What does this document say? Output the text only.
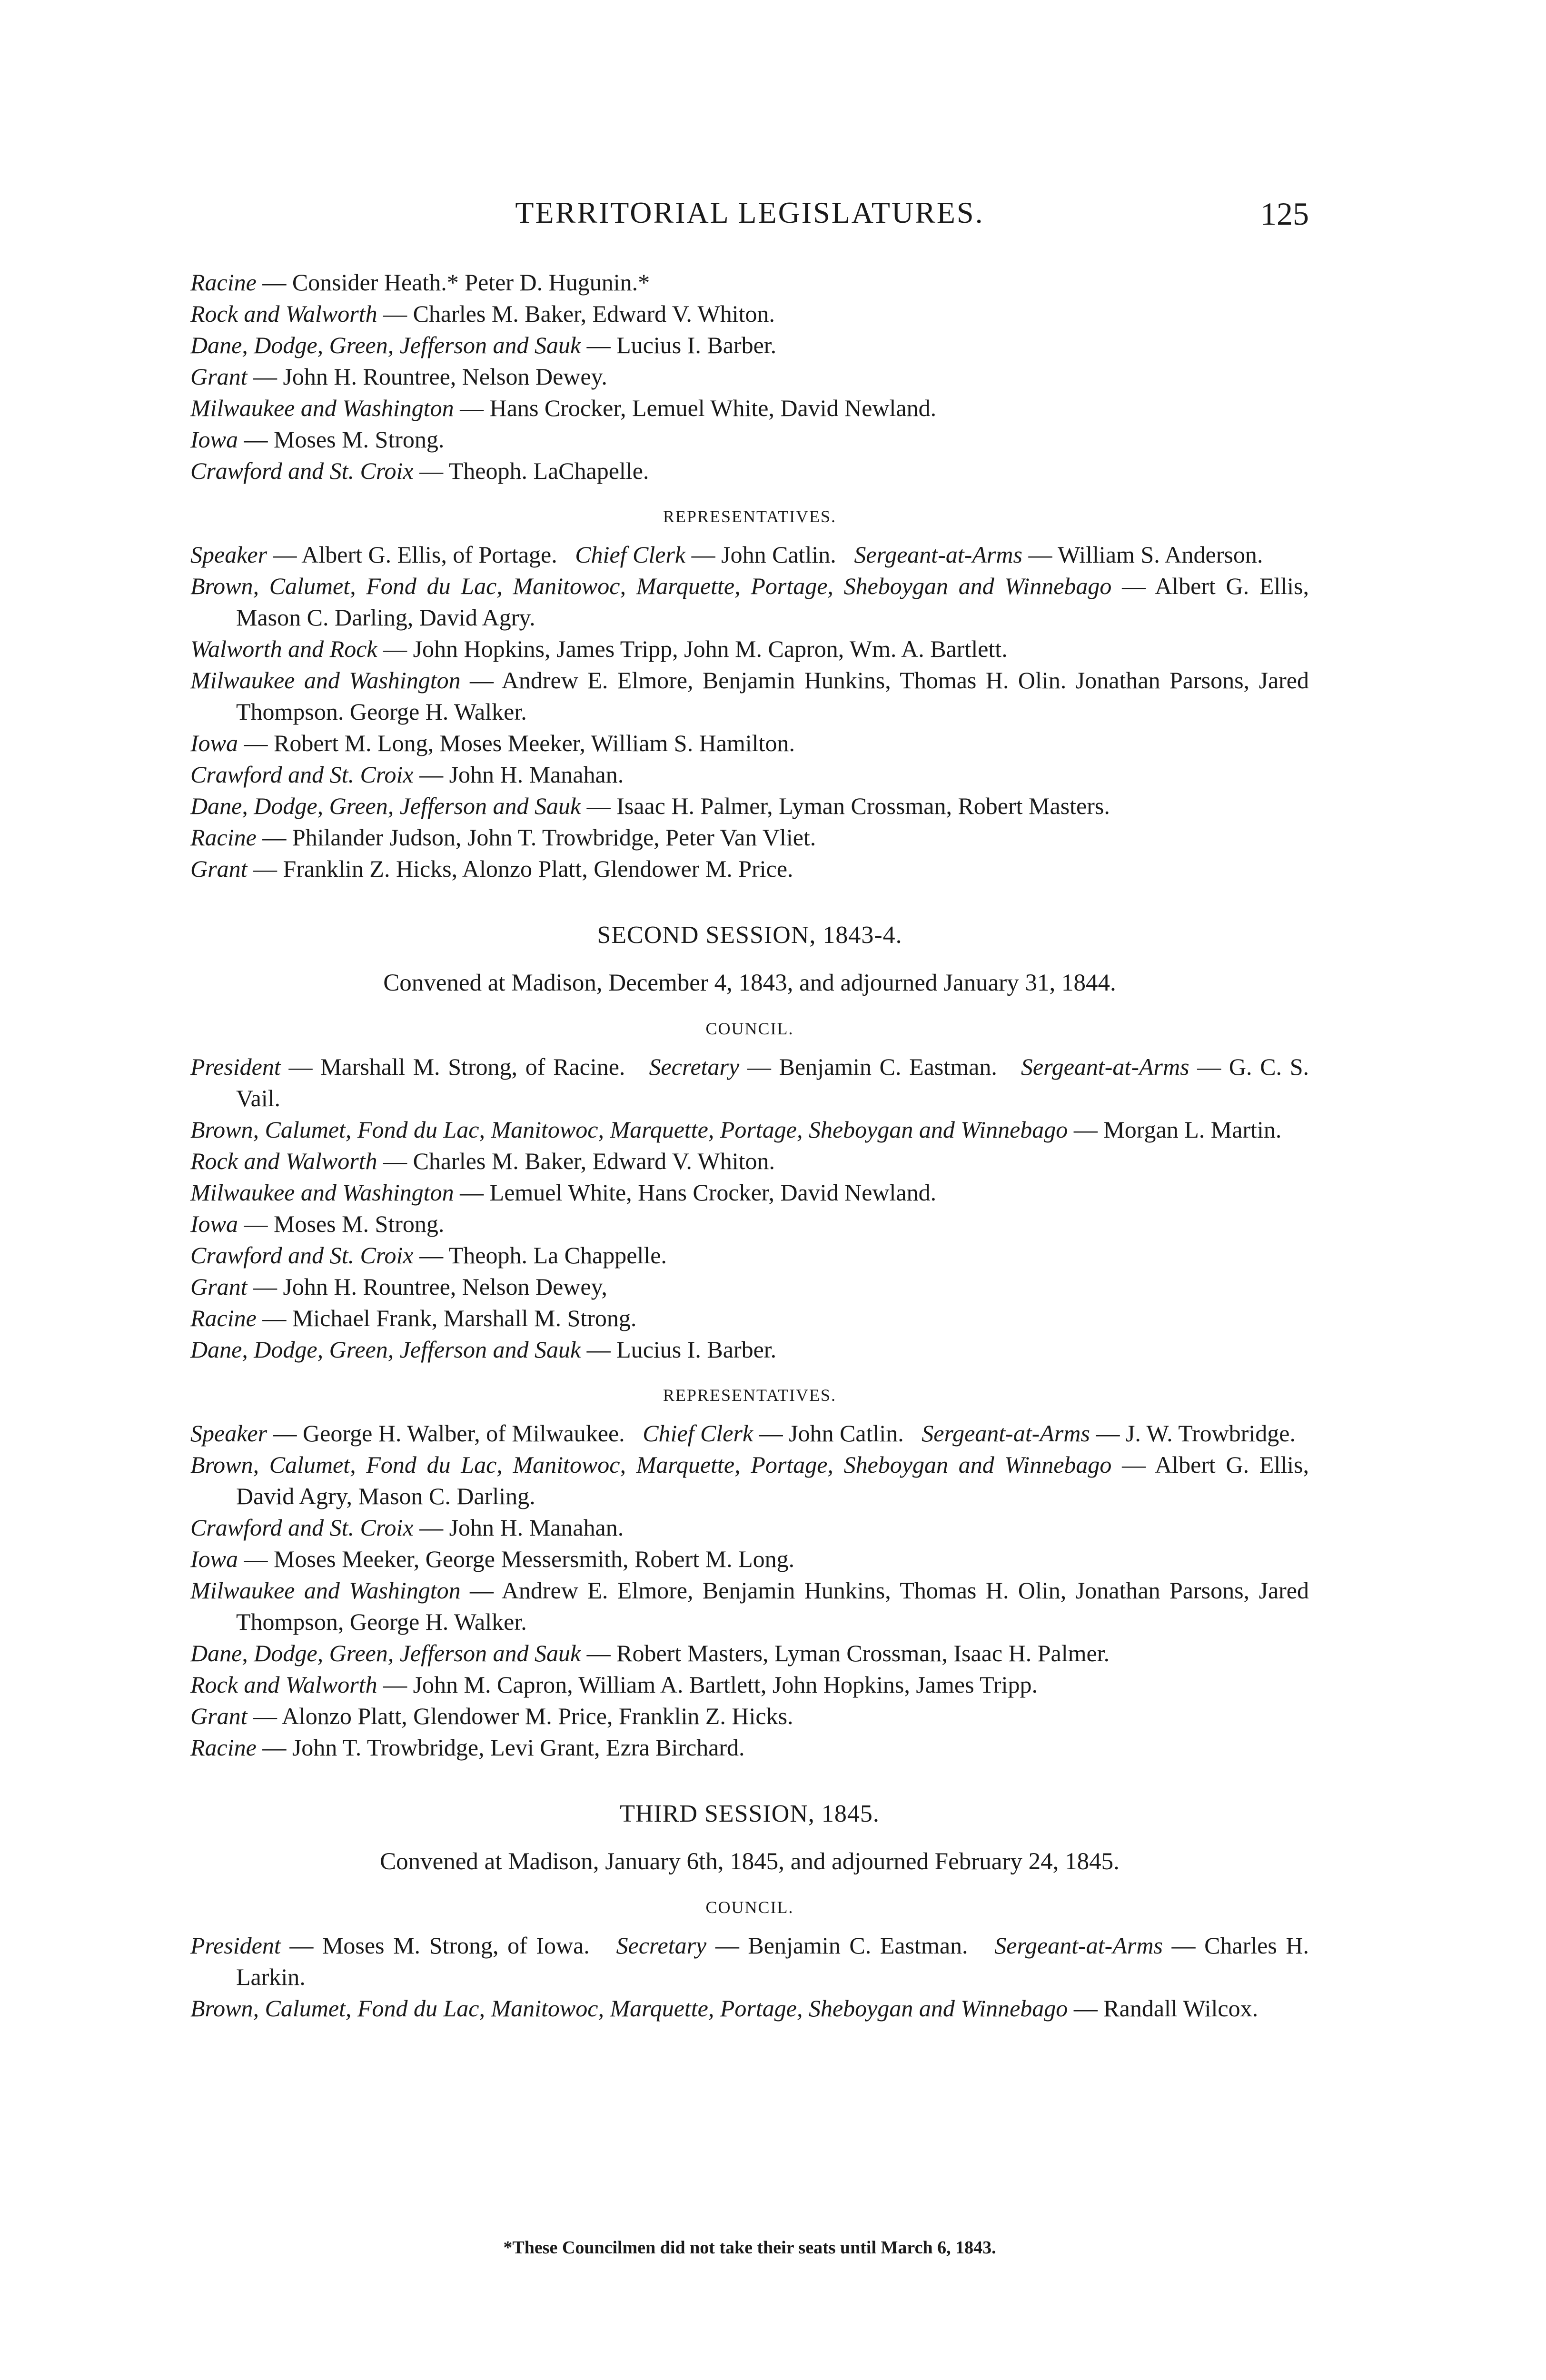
TERRITORIAL LEGISLATURES.	125

Racine — Consider Heath.* Peter D. Hugunin.*

Rock and Walworth — Charles M. Baker, Edward V. Whiton.

Dane, Dodge, Green, Jefferson and Sauk — Lucius I. Barber.

Grant — John H. Rountree, Nelson Dewey.

Milwaukee and Washington — Hans Crocker, Lemuel White, David Newland.

Iowa — Moses M. Strong.

Crawford and St. Croix — Theoph. LaChapelle.

REPRESENTATIVES.

Speaker — Albert G. Ellis, of Portage. Chief Clerk — John Catlin. Sergeant-at-Arms — William S. Anderson.

Brown, Calumet, Fond du Lac, Manitowoc, Marquette, Portage, Sheboygan and Winnebago — Albert G. Ellis, Mason C. Darling, David Agry.

Walworth and Rock — John Hopkins, James Tripp, John M. Capron, Wm. A. Bartlett.

Milwaukee and Washington — Andrew E. Elmore, Benjamin Hunkins, Thomas H. Olin. Jonathan Parsons, Jared Thompson. George H. Walker.

Iowa — Robert M. Long, Moses Meeker, William S. Hamilton.

Crawford and St. Croix — John H. Manahan.

Dane, Dodge, Green, Jefferson and Sauk — Isaac H. Palmer, Lyman Crossman, Robert Masters.

Racine — Philander Judson, John T. Trowbridge, Peter Van Vliet.

Grant — Franklin Z. Hicks, Alonzo Platt, Glendower M. Price.

SECOND SESSION, 1843-4.
Convened at Madison, December 4, 1843, and adjourned January 31, 1844.
COUNCIL.

President — Marshall M. Strong, of Racine. Secretary — Benjamin C. Eastman. Sergeant-at-Arms — G. C. S. Vail.

Brown, Calumet, Fond du Lac, Manitowoc, Marquette, Portage, Sheboygan and Winnebago — Morgan L. Martin.

Rock and Walworth — Charles M. Baker, Edward V. Whiton.

Milwaukee and Washington — Lemuel White, Hans Crocker, David Newland.

Iowa — Moses M. Strong.

Crawford and St. Croix — Theoph. La Chappelle.

Grant — John H. Rountree, Nelson Dewey,

Racine — Michael Frank, Marshall M. Strong.

Dane, Dodge, Green, Jefferson and Sauk — Lucius I. Barber.

REPRESENTATIVES.

Speaker — George H. Walber, of Milwaukee. Chief Clerk — John Catlin. Sergeant-at-Arms — J. W. Trowbridge.

Brown, Calumet, Fond du Lac, Manitowoc, Marquette, Portage, Sheboygan and Winnebago — Albert G. Ellis, David Agry, Mason C. Darling.

Crawford and St. Croix — John H. Manahan.

Iowa — Moses Meeker, George Messersmith, Robert M. Long.

Milwaukee and Washington — Andrew E. Elmore, Benjamin Hunkins, Thomas H. Olin, Jonathan Parsons, Jared Thompson, George H. Walker.

Dane, Dodge, Green, Jefferson and Sauk — Robert Masters, Lyman Crossman, Isaac H. Palmer.

Rock and Walworth — John M. Capron, William A. Bartlett, John Hopkins, James Tripp.

Grant — Alonzo Platt, Glendower M. Price, Franklin Z. Hicks.

Racine — John T. Trowbridge, Levi Grant, Ezra Birchard.

THIRD SESSION, 1845.
Convened at Madison, January 6th, 1845, and adjourned February 24, 1845.
COUNCIL.

President — Moses M. Strong, of Iowa. Secretary — Benjamin C. Eastman. Sergeant-at-Arms — Charles H. Larkin.

Brown, Calumet, Fond du Lac, Manitowoc, Marquette, Portage, Sheboygan and Winnebago — Randall Wilcox.

*These Councilmen did not take their seats until March 6, 1843.
